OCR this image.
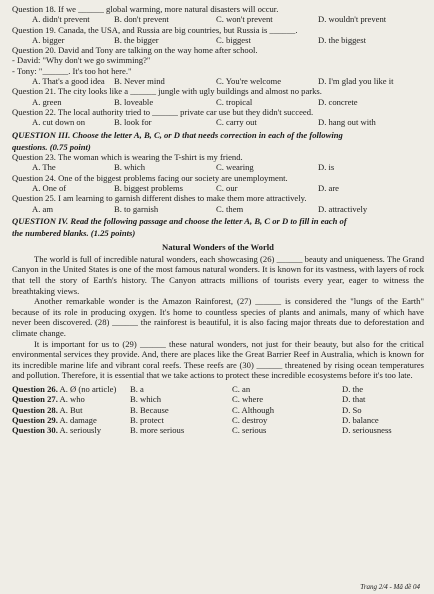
Question 18. If we ______ global warming, more natural disasters will occur.
A. didn't prevent	B. don't prevent	C. won't prevent	D. wouldn't prevent
Question 19. Canada, the USA, and Russia are big countries, but Russia is ______.
A. bigger	B. the bigger	C. biggest	D. the biggest
Question 20. David and Tony are talking on the way home after school.
- David: "Why don't we go swimming?"
- Tony: "______. It's too hot here."
A. That's a good idea	B. Never mind	C. You're welcome	D. I'm glad you like it
Question 21. The city looks like a ______ jungle with ugly buildings and almost no parks.
A. green	B. loveable	C. tropical	D. concrete
Question 22. The local authority tried to ______ private car use but they didn't succeed.
A. cut down on	B. look for	C. carry out	D. hang out with
QUESTION III. Choose the letter A, B, C, or D that needs correction in each of the following
questions. (0.75 point)
Question 23. The woman which is wearing the T-shirt is my friend.
A. The	B. which	C. wearing	D. is
Question 24. One of the biggest problems facing our society are unemployment.
A. One of	B. biggest problems	C. our	D. are
Question 25. I am learning to garnish different dishes to make them more attractively.
A. am	B. to garnish	C. them	D. attractively
QUESTION IV. Read the following passage and choose the letter A, B, C or D to fill in each of
the numbered blanks. (1.25 points)
Natural Wonders of the World
The world is full of incredible natural wonders, each showcasing (26) ______ beauty and uniqueness. The Grand Canyon in the United States is one of the most famous natural wonders. It is known for its vastness, with layers of rock that tell the story of Earth's history. The Canyon attracts millions of tourists every year, eager to witness the breathtaking views.
Another remarkable wonder is the Amazon Rainforest, (27) ______ is considered the "lungs of the Earth" because of its role in producing oxygen. It's home to countless species of plants and animals, many of which have never been discovered. (28) ______ the rainforest is beautiful, it is also facing major threats due to deforestation and climate change.
It is important for us to (29) ______ these natural wonders, not just for their beauty, but also for the critical environmental services they provide. And, there are places like the Great Barrier Reef in Australia, which is known for its incredible marine life and vibrant coral reefs. These reefs are (30) ______ threatened by rising ocean temperatures and pollution. Therefore, it is essential that we take actions to protect these incredible ecosystems before it's too late.
Question 26. A. Ø (no article)	B. a	C. an	D. the
Question 27. A. who	B. which	C. where	D. that
Question 28. A. But	B. Because	C. Although	D. So
Question 29. A. damage	B. protect	C. destroy	D. balance
Question 30. A. seriously	B. more serious	C. serious	D. seriousness
Trang 2/4 - Mã đề 04
